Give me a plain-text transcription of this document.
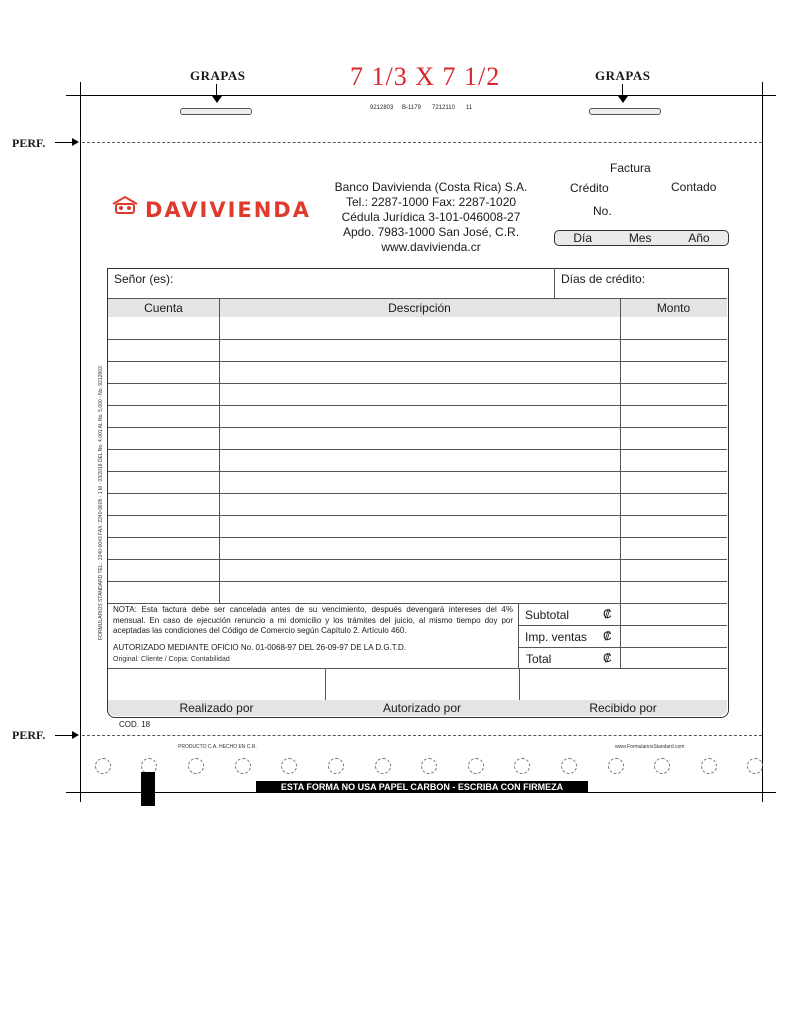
GRAPAS	GRAPAS
7 1/3 X 7 1/2
9212803 B-1179 7212110 11
PERF.
DAVIVIENDA
Banco Davivienda (Costa Rica) S.A.
Tel.: 2287-1000 Fax: 2287-1020
Cédula Jurídica 3-101-046008-27
Apdo. 7983-1000 San José, C.R.
www.davivienda.cr
Factura
Crédito	Contado
No.
Día	Mes	Año
Señor (es):	Días de crédito:
Cuenta	Descripción	Monto
NOTA: Esta factura debe ser cancelada antes de su vencimiento, después devengará intereses del 4% mensual. En caso de ejecución renuncio a mi domicilio y los trámites del juicio, al mismo tiempo doy por aceptadas las condiciones del Código de Comercio según Capítulo 2. Artículo 460.
AUTORIZADO MEDIANTE OFICIO No. 01-0068-97 DEL 26-09-97 DE LA D.G.T.D.
Original: Cliente / Copia: Contabilidad
Subtotal	₡
Imp. ventas ₡
Total	₡
Realizado por	Autorizado por	Recibido por
COD. 18
FORMULARIOS STANDARD TEL.: 2240-0043 FAX: 2240-9605 - 1 M - 03/2018 DEL No. 4,001 AL No. 5,000 - No. 9212803
PERF.
PRODUCTO C.A. HECHO EN C.R.	www.FormulariosStandard.com
ESTA FORMA NO USA PAPEL CARBON - ESCRIBA CON FIRMEZA
